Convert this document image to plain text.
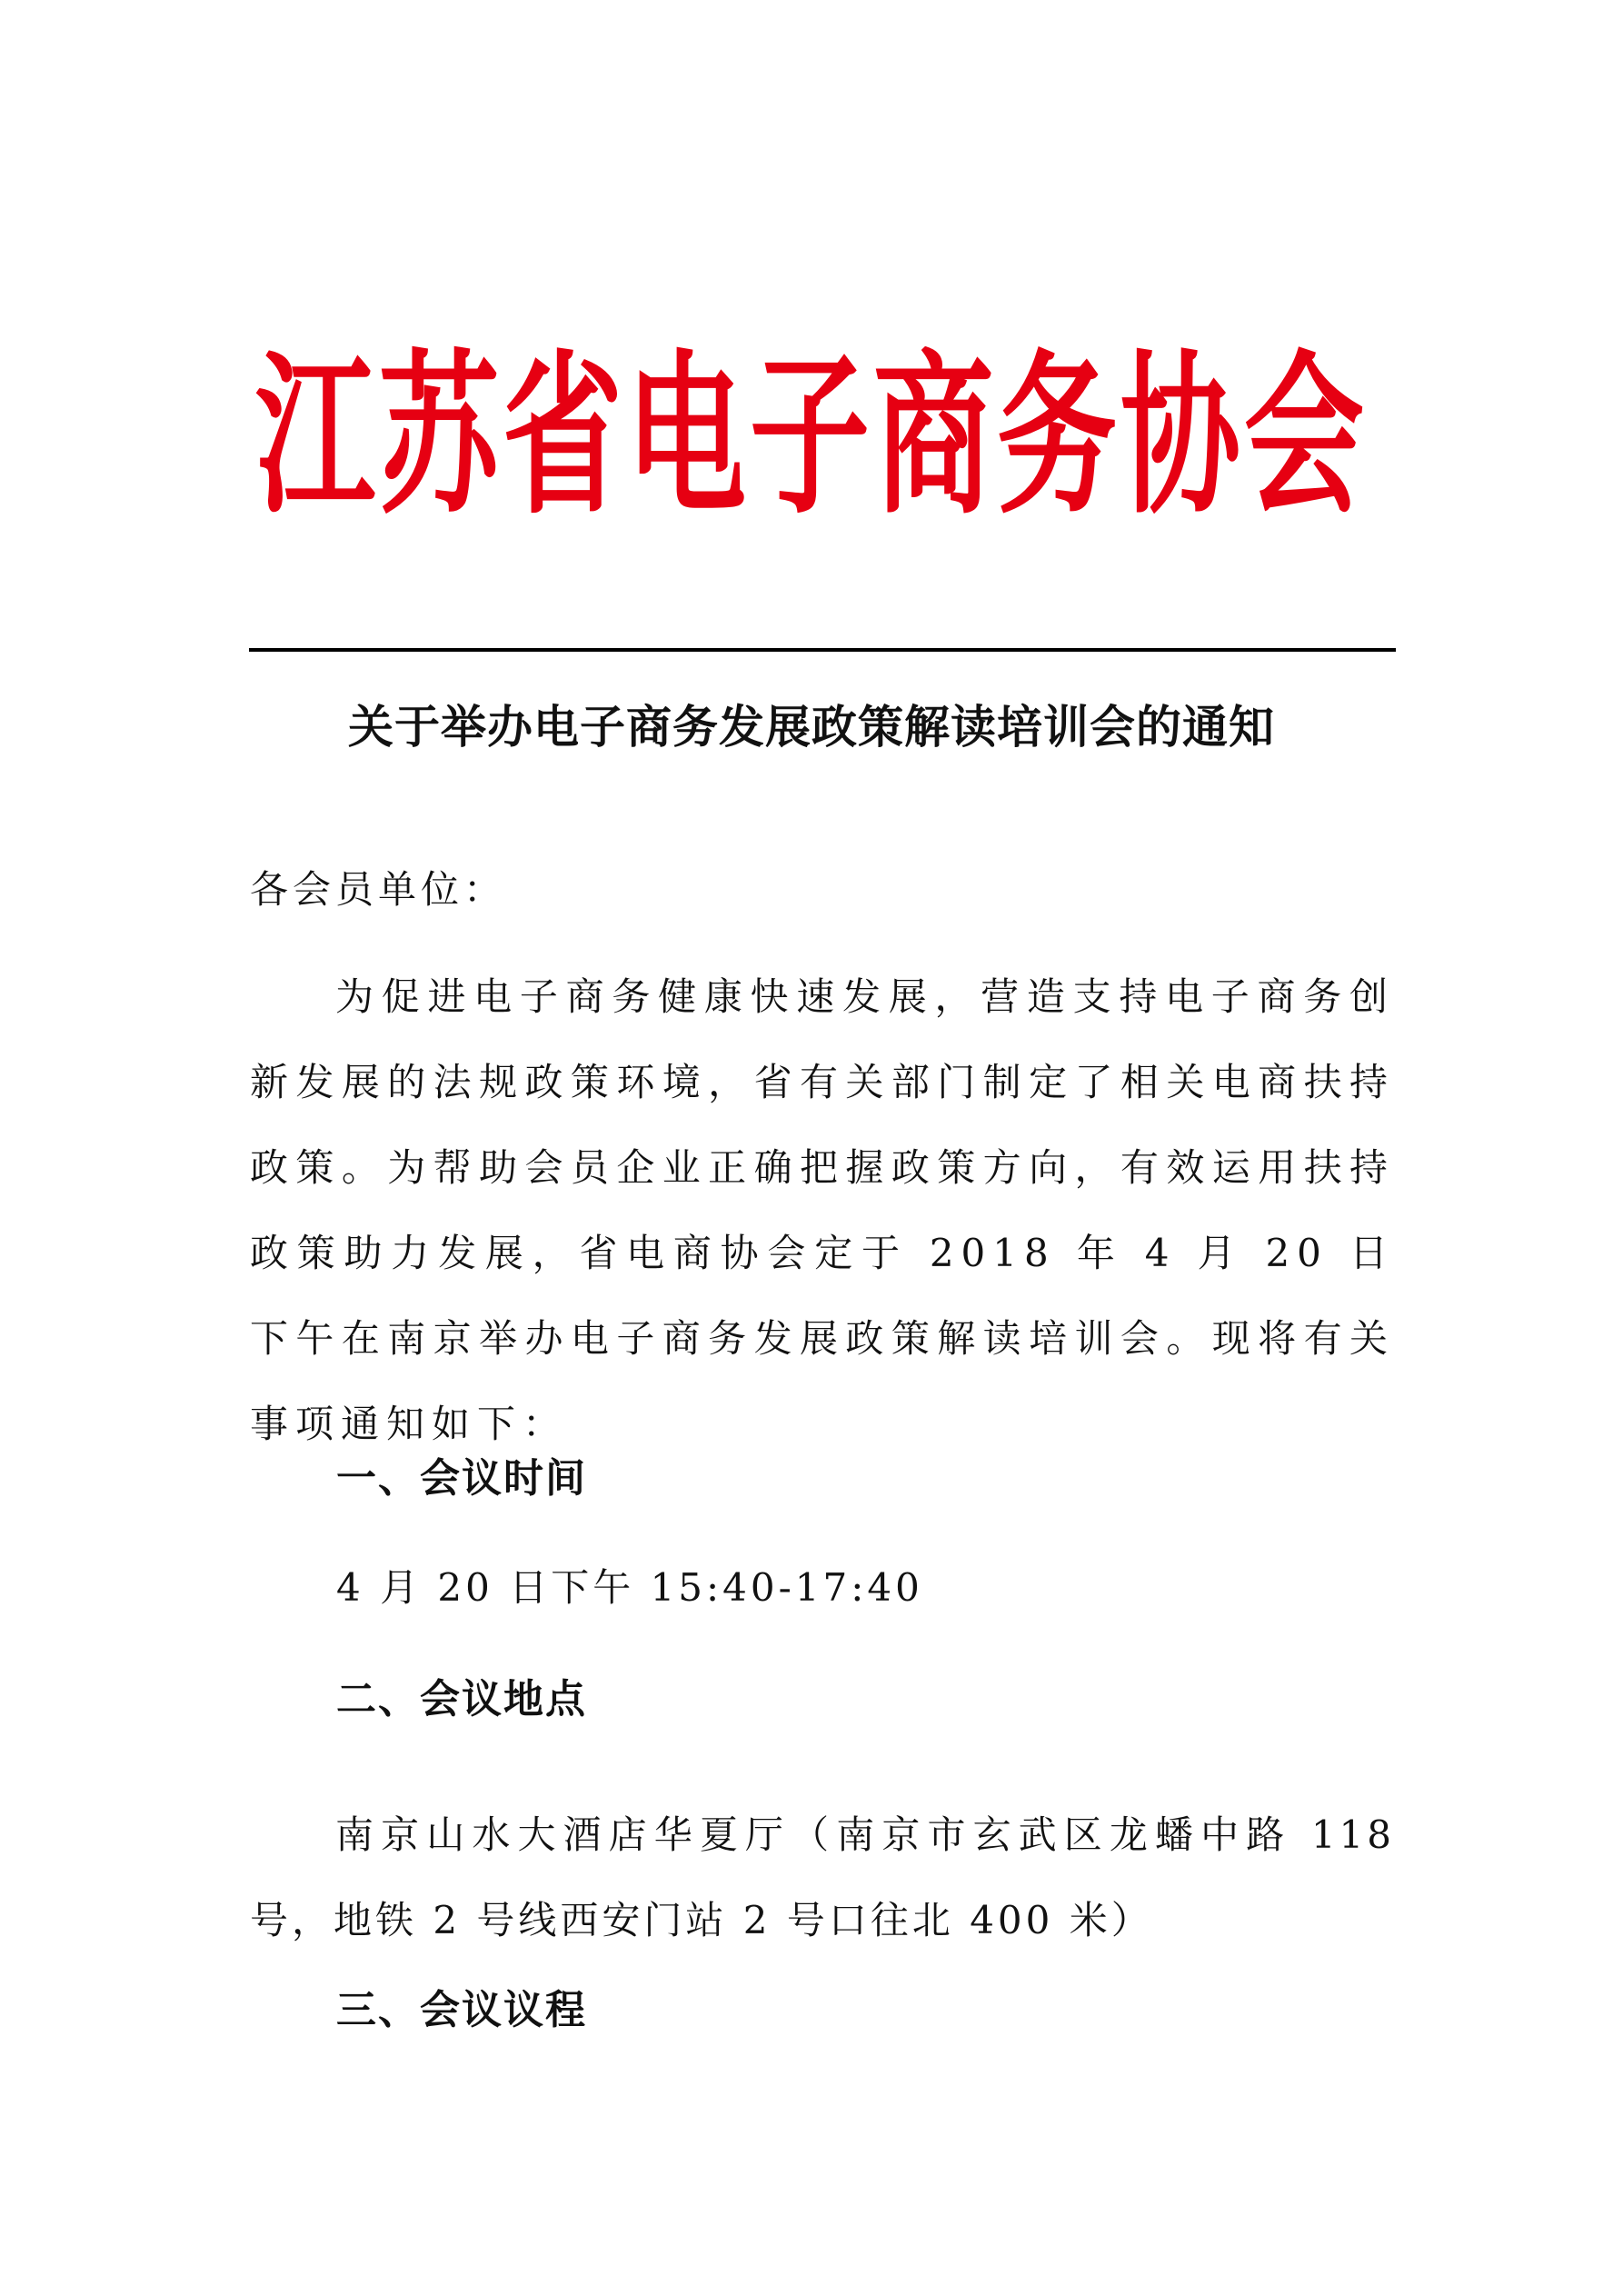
江苏省电子商务协会
关于举办电子商务发展政策解读培训会的通知
各会员单位：
为促进电子商务健康快速发展，营造支持电子商务创新发展的法规政策环境，省有关部门制定了相关电商扶持政策。为帮助会员企业正确把握政策方向，有效运用扶持政策助力发展，省电商协会定于 2018 年 4 月 20 日下午在南京举办电子商务发展政策解读培训会。现将有关事项通知如下：
一、会议时间
4 月 20 日下午 15:40-17:40
二、会议地点
南京山水大酒店华夏厅（南京市玄武区龙蟠中路 118 号，地铁 2 号线西安门站 2 号口往北 400 米）
三、会议议程
